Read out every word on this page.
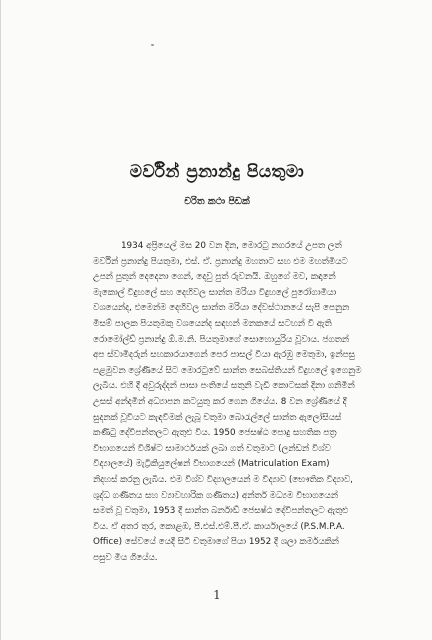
මර්වින් ප්‍රනාන්දු පියතුමා
චරිත කථා පිඩක්
1934 අප්‍රියෙල් මස 20 වන දින, මොරටු නගරයේ උපත ලත්
මර්වින් ප්‍රනාන්දු පියතුමා, එස්. ඒ. ප්‍රනාන්දු මහතාට සහ එම මහත්මියට
උපන් පුතුන් දෙදෙනා ගෙන්, දෙවු පුත් රුවනයි. ඔහුගේ මව, කඳානේ
මැකොල් විදුහලේ සහ දෙහිවල සාන්ත මරියා විදුහලේ පුරෝගාමියා
වශයෙන්ද, එමෙන්ම දෙහිවල සාන්ත මරියා දේවස්ථානයේ සැපි පෙනුන
මිසම් පාලක පියතුමකු වශයෙන්ද සඳහන් මනකයේ සටහන් වී ඇති
රොමෝල්ඩ් ප්‍රනාන්දු ඕ.ම.නි. පියතුමාගේ සොහොයුරිය වූවාය. ජගතන්
අප ස්වාමිදරුන් සහකාරයාගෙන් පෙර පාසල් වියා ඇරඹු මෙතුමා, ඉන්පසු
පළමුවන ශ්‍රේණියේ සිට මොරටුවේ සාන්ත සෙබස්තියන් විදුහලේ ඉගෙනුම
ලැබීය. එහි දී අවුරුද්දන් පාසා පංතියේ සතුනි වැඩි කොටසක් දිනා ගනිමින්
උසස් අන්දමින් අධ්‍යාපන කටයුතු කර ගෙන ගියේය. 8 වන ශ්‍රේණියේ දී
සුදනක් වූවියට කැඳවීමක් ලැබූ චතුමා බොරැල්ලේ සාන්ත ඇලෝසියස්
කණිටු දේවිපන්තලට ඇතුළු විය. 1950 ජෙසෂ්ඨ පොදු සහතික පත්‍ර
විභාගයෙන් විශිෂ්ට සාමාර්ථයක් ලබා ගත් චතුමාට (ලන්ඩන් විශ්ව
විද්‍යාලයේ) මැට්‍රිකියුලේෂන් විභාගයෙන් (Matriculation Exam)
නිදහස් කරනු ලැබීය. එම විශ්ව විද්‍යාලයෙන් ම විද්‍යාව (භෞතික විද්‍යාව,
ශුද්ධ ගණිතය සහ ව්‍යාවහාරික ගණිතය) අන්තර් මධ්‍යම විභාගයෙන්
සමත් වූ චතුමා, 1953 දී සාන්ත බර්නාඩ් ජෙසෂ්ඨ දේවිපන්තලට ඇතුළු
විය. ඒ අතර තුර, කොළඹ, පී.එස්.එම්.පී.ඒ. කාර්යාලයේ (P.S.M.P.A.
Office) සේවයේ යෙදී සිටි චතුමාගේ පියා 1952 දී ශලා කර්මයකින්
පසුව මිය ගියේය.
1
